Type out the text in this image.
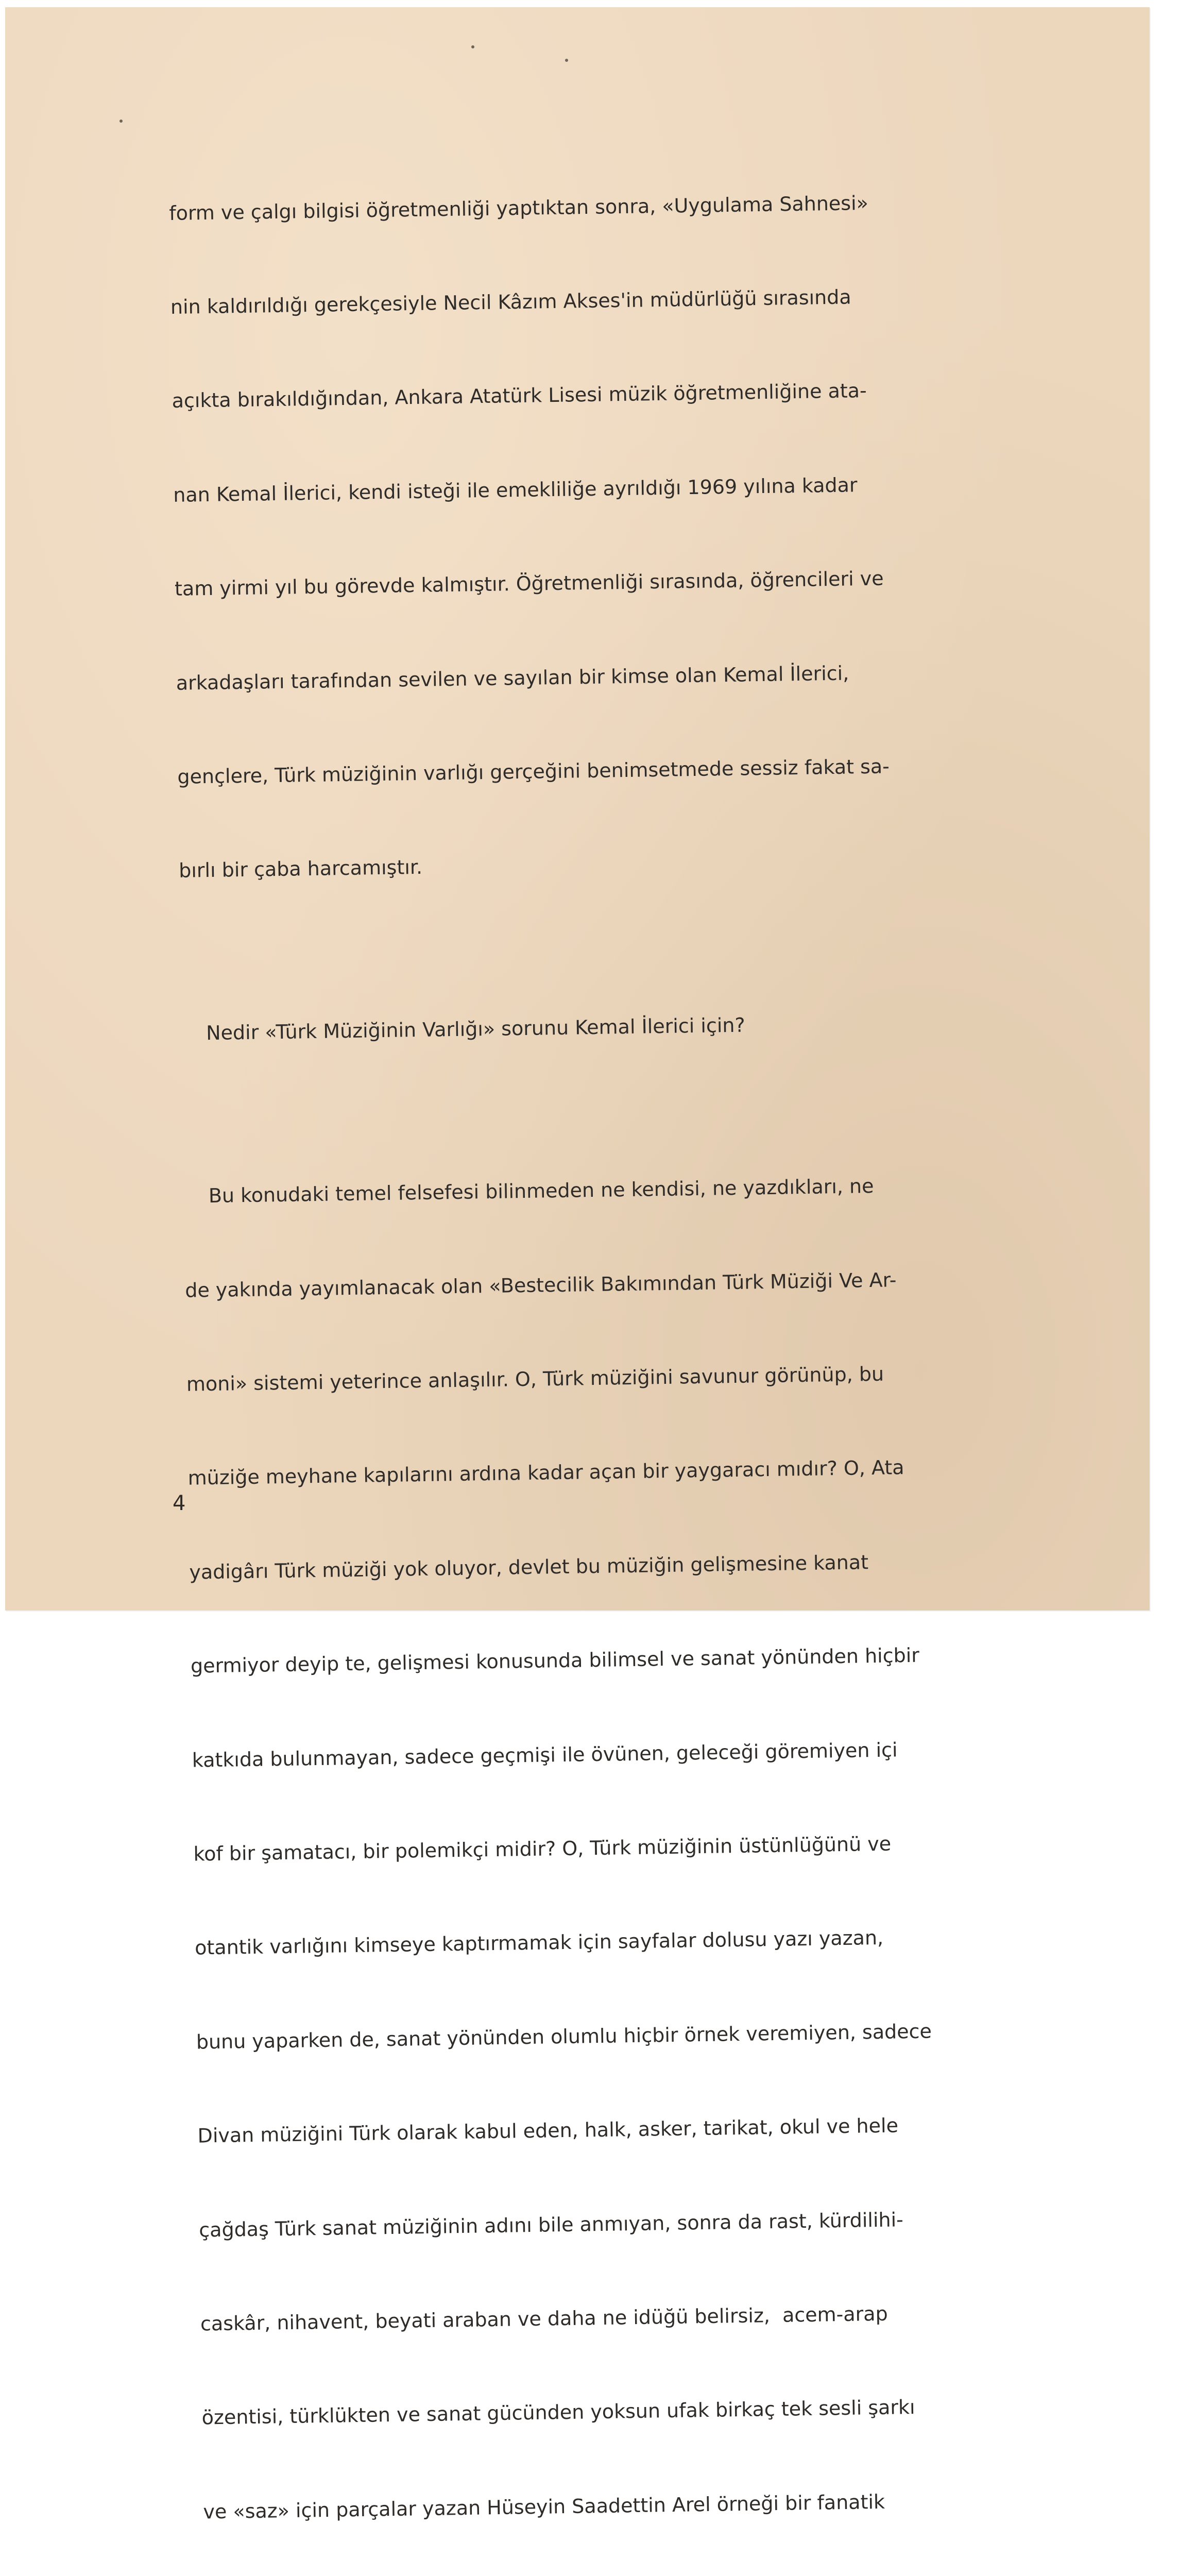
form ve çalgı bilgisi öğretmenliği yaptıktan sonra, «Uygulama Sahnesi»

nin kaldırıldığı gerekçesiyle Necil Kâzım Akses'in müdürlüğü sırasında

açıkta bırakıldığından, Ankara Atatürk Lisesi müzik öğretmenliğine ata-

nan Kemal İlerici, kendi isteği ile emekliliğe ayrıldığı 1969 yılına kadar

tam yirmi yıl bu görevde kalmıştır. Öğretmenliği sırasında, öğrencileri ve

arkadaşları tarafından sevilen ve sayılan bir kimse olan Kemal İlerici,

gençlere, Türk müziğinin varlığı gerçeğini benimsetmede sessiz fakat sa-

bırlı bir çaba harcamıştır.

Nedir «Türk Müziğinin Varlığı» sorunu Kemal İlerici için?

Bu konudaki temel felsefesi bilinmeden ne kendisi, ne yazdıkları, ne

de yakında yayımlanacak olan «Bestecilik Bakımından Türk Müziği Ve Ar-

moni» sistemi yeterince anlaşılır. O, Türk müziğini savunur görünüp, bu

müziğe meyhane kapılarını ardına kadar açan bir yaygaracı mıdır? O, Ata

yadigârı Türk müziği yok oluyor, devlet bu müziğin gelişmesine kanat

germiyor deyip te, gelişmesi konusunda bilimsel ve sanat yönünden hiçbir

katkıda bulunmayan, sadece geçmişi ile övünen, geleceği göremiyen içi

kof bir şamatacı, bir polemikçi midir? O, Türk müziğinin üstünlüğünü ve

otantik varlığını kimseye kaptırmamak için sayfalar dolusu yazı yazan,

bunu yaparken de, sanat yönünden olumlu hiçbir örnek veremiyen, sadece

Divan müziğini Türk olarak kabul eden, halk, asker, tarikat, okul ve hele

çağdaş Türk sanat müziğinin adını bile anmıyan, sonra da rast, kürdilihi-

caskâr, nihavent, beyati araban ve daha ne idüğü belirsiz,  acem-arap

özentisi, türklükten ve sanat gücünden yoksun ufak birkaç tek sesli şarkı

ve «saz» için parçalar yazan Hüseyin Saadettin Arel örneği bir fanatik

4
